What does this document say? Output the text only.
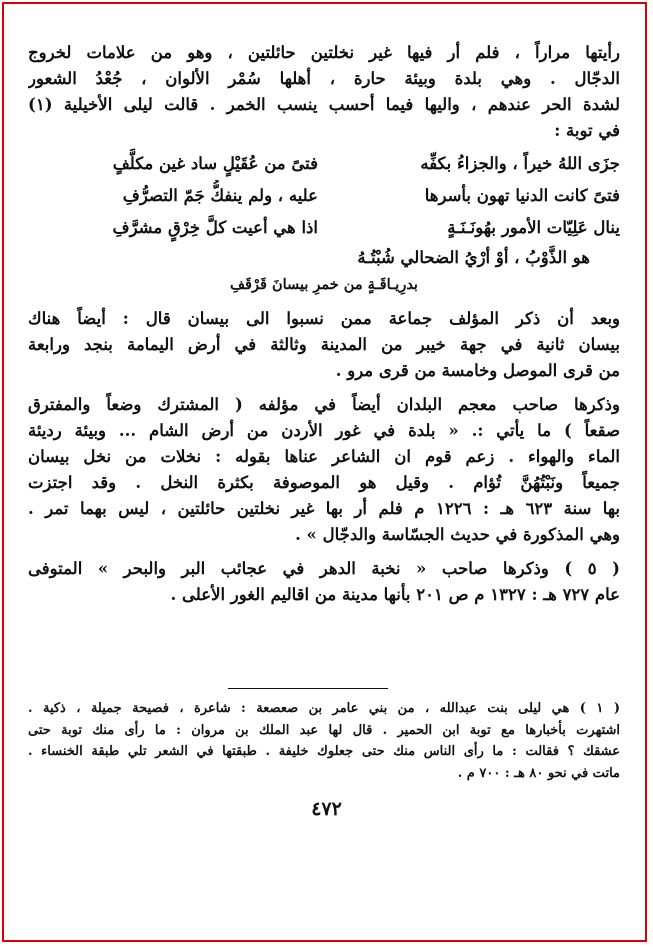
رأيتها مراراً ، فلم أر فيها غير نخلتين حائلتين ، وهو من علامات لخروج
الدجّال . وهي بلدة وبيئة حارة ، أهلها سُمْر الألوان ، جُعْدُ الشعور
لشدة الحر عندهم ، واليها فيما أحسب ينسب الخمر . قالت ليلى الأخيلية (١)
في توبة :
جزَى اللهُ خيراً ، والجزاءُ بكفِّه
فتىً من عُقَيْلٍ ساد غين مكلَّفٍ
فتىً كانت الدنيا تهون بأسرها
عليه ، ولم ينفكُّ جَمّ التصرُّفِ
ينال عَلِيّات الأمور بهُونَـنَـةٍ
اذا هي أعيت كلَّ خِرْقٍ مشرَّفِ
هو الذَّوْبُ ، أوْ أرْيُ الضحالي شُبْتُـهُ
بدرِيـاقَـةٍ من خمرِ بيسانَ قَرْقَفِ
وبعد أن ذكر المؤلف جماعة ممن نسبوا الى بيسان قال : أيضاً هناك
بيسان ثانية في جهة خيبر من المدينة وثالثة في أرض اليمامة بنجد ورابعة
من قرى الموصل وخامسة من قرى مرو .
وذكرها صاحب معجم البلدان أيضاً في مؤلفه ( المشترك وضعاً والمفترق
صقعاً ) ما يأتي :. « بلدة في غور الأردن من أرض الشام ... وبيئة رديئة
الماء والهواء . زعم قوم ان الشاعر عناها بقوله : نخلات من نخل بيسان
جميعاً ونَبْتُهُنَّ تُؤام . وقيل هو الموصوفة بكثرة النخل . وقد اجتزت
بها سنة ٦٢٣ هـ : ١٢٢٦ م فلم أر بها غير نخلتين حائلتين ، ليس بهما تمر .
وهي المذكورة في حديث الجسّاسة والدجّال » .
( ٥ ) وذكرها صاحب « نخبة الدهر في عجائب البر والبحر » المتوفى
عام ٧٢٧ هـ : ١٣٢٧ م ص ٢٠١ بأنها مدينة من اقاليم الغور الأعلى .
( ١ ) هي ليلى بنت عبدالله ، من بني عامر بن صعصعة : شاعرة ، فصيحة جميلة ، ذكية .
اشتهرت بأخبارها مع توبة ابن الحمير . قال لها عبد الملك بن مروان : ما رأى منك توبة حتى
عشقك ؟ فقالت : ما رأى الناس منك حتى جعلوك خليفة . طبقتها في الشعر تلي طبقة الخنساء .
ماتت في نحو ٨٠ هـ : ٧٠٠ م .
٤٧٢
